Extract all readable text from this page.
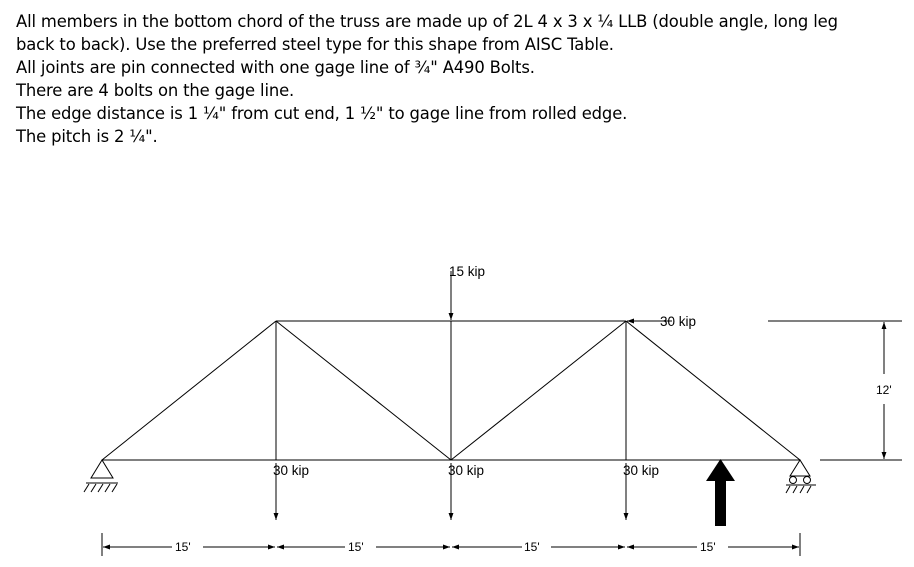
All members in the bottom chord of the truss are made up of 2L 4 x 3 x ¼ LLB (double angle, long leg
back to back). Use the preferred steel type for this shape from AISC Table.
All joints are pin connected with one gage line of ¾" A490 Bolts.
There are 4 bolts on the gage line.
The edge distance is 1 ¼" from cut end, 1 ½" to gage line from rolled edge.
The pitch is 2 ¼".
15 kip
30 kip
30 kip	30 kip	30 kip
15'	15'	15'	15'
12'
